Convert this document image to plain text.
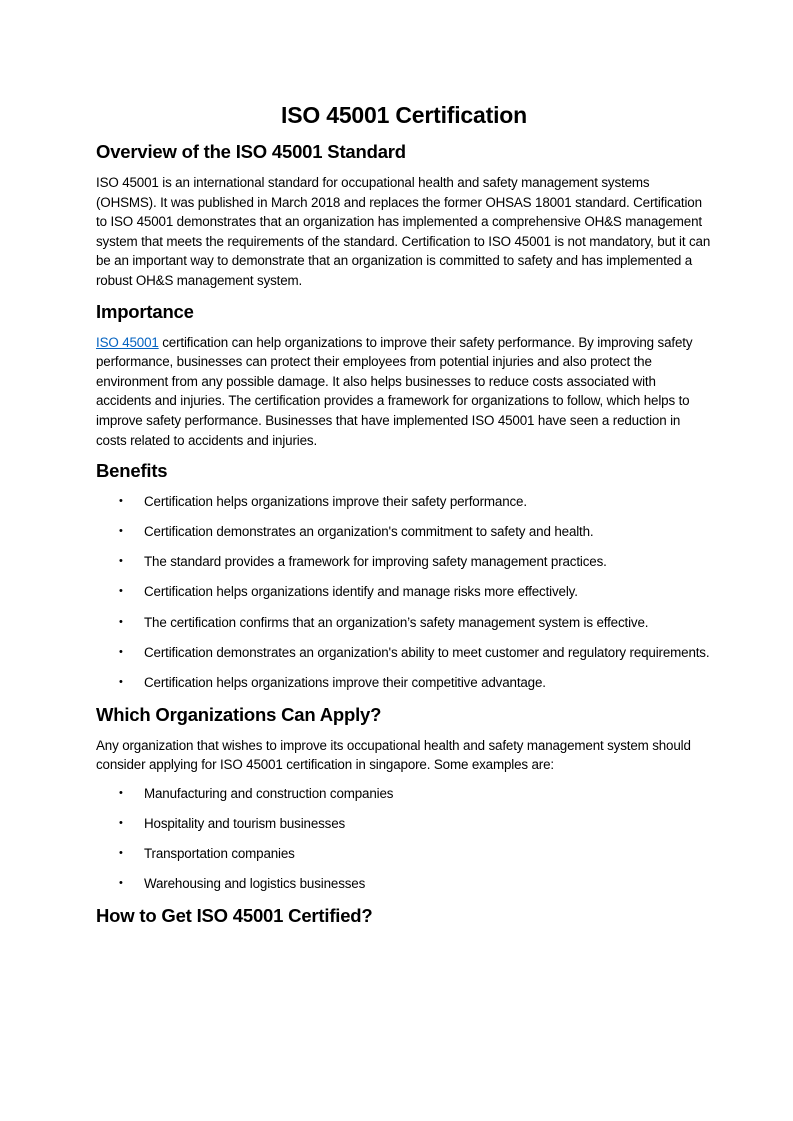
ISO 45001 Certification
Overview of the ISO 45001 Standard

ISO 45001 is an international standard for occupational health and safety management systems (OHSMS). It was published in March 2018 and replaces the former OHSAS 18001 standard. Certification to ISO 45001 demonstrates that an organization has implemented a comprehensive OH&S management system that meets the requirements of the standard. Certification to ISO 45001 is not mandatory, but it can be an important way to demonstrate that an organization is committed to safety and has implemented a robust OH&S management system.

Importance

ISO 45001 certification can help organizations to improve their safety performance. By improving safety performance, businesses can protect their employees from potential injuries and also protect the environment from any possible damage. It also helps businesses to reduce costs associated with accidents and injuries. The certification provides a framework for organizations to follow, which helps to improve safety performance. Businesses that have implemented ISO 45001 have seen a reduction in costs related to accidents and injuries.

Benefits
• Certification helps organizations improve their safety performance.
• Certification demonstrates an organization's commitment to safety and health.
• The standard provides a framework for improving safety management practices.
• Certification helps organizations identify and manage risks more effectively.
• The certification confirms that an organization’s safety management system is effective.
• Certification demonstrates an organization's ability to meet customer and regulatory requirements.
• Certification helps organizations improve their competitive advantage.
Which Organizations Can Apply?

Any organization that wishes to improve its occupational health and safety management system should consider applying for ISO 45001 certification in singapore. Some examples are:

• Manufacturing and construction companies
• Hospitality and tourism businesses
• Transportation companies
• Warehousing and logistics businesses
How to Get ISO 45001 Certified?
